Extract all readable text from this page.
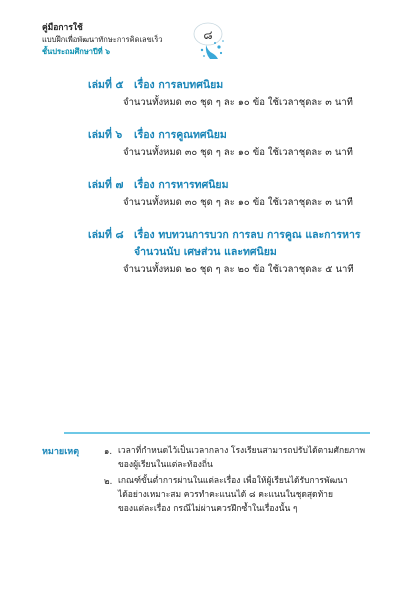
คู่มือการใช้
แบบฝึกเพื่อพัฒนาทักษะการคิดเลขเร็ว
ชั้นประถมศึกษาปีที่ ๖
๘
เล่มที่ ๕ เรื่อง การลบทศนิยม
จำนวนทั้งหมด ๓๐ ชุด ๆ ละ ๑๐ ข้อ ใช้เวลาชุดละ ๓ นาที
เล่มที่ ๖ เรื่อง การคูณทศนิยม
จำนวนทั้งหมด ๓๐ ชุด ๆ ละ ๑๐ ข้อ ใช้เวลาชุดละ ๓ นาที
เล่มที่ ๗ เรื่อง การหารทศนิยม
จำนวนทั้งหมด ๓๐ ชุด ๆ ละ ๑๐ ข้อ ใช้เวลาชุดละ ๓ นาที
เล่มที่ ๘ เรื่อง ทบทวนการบวก การลบ การคูณ และการหาร
จำนวนนับ เศษส่วน และทศนิยม
จำนวนทั้งหมด ๒๐ ชุด ๆ ละ ๒๐ ข้อ ใช้เวลาชุดละ ๕ นาที
หมายเหตุ	๑. เวลาที่กำหนดไว้เป็นเวลากลาง โรงเรียนสามารถปรับได้ตามศักยภาพ
ของผู้เรียนในแต่ละท้องถิ่น
๒. เกณฑ์ขั้นต่ำการผ่านในแต่ละเรื่อง เพื่อให้ผู้เรียนได้รับการพัฒนา
ได้อย่างเหมาะสม ควรทำคะแนนได้ ๘ คะแนนในชุดสุดท้าย
ของแต่ละเรื่อง กรณีไม่ผ่านควรฝึกซ้ำในเรื่องนั้น ๆ
